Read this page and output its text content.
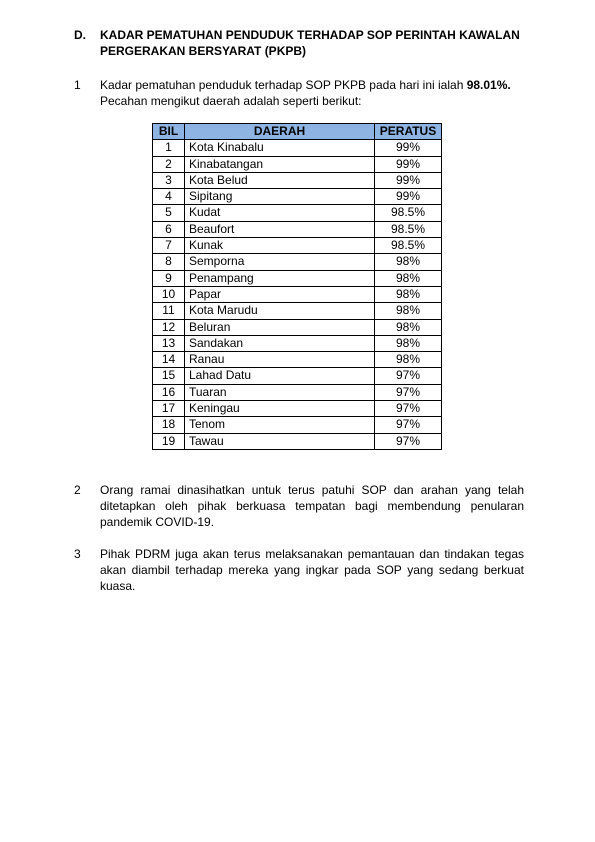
D. KADAR PEMATUHAN PENDUDUK TERHADAP SOP PERINTAH KAWALAN PERGERAKAN BERSYARAT (PKPB)
1 Kadar pematuhan penduduk terhadap SOP PKPB pada hari ini ialah 98.01%.
Pecahan mengikut daerah adalah seperti berikut:
BIL	DAERAH	PERATUS
1	Kota Kinabalu	99%
2	Kinabatangan	99%
3	Kota Belud	99%
4	Sipitang	99%
5	Kudat	98.5%
6	Beaufort	98.5%
7	Kunak	98.5%
8	Semporna	98%
9	Penampang	98%
10	Papar	98%
11	Kota Marudu	98%
12	Beluran	98%
13	Sandakan	98%
14	Ranau	98%
15	Lahad Datu	97%
16	Tuaran	97%
17	Keningau	97%
18	Tenom	97%
19	Tawau	97%
2 Orang ramai dinasihatkan untuk terus patuhi SOP dan arahan yang telah ditetapkan oleh pihak berkuasa tempatan bagi membendung penularan pandemik COVID-19.
3 Pihak PDRM juga akan terus melaksanakan pemantauan dan tindakan tegas akan diambil terhadap mereka yang ingkar pada SOP yang sedang berkuat kuasa.
